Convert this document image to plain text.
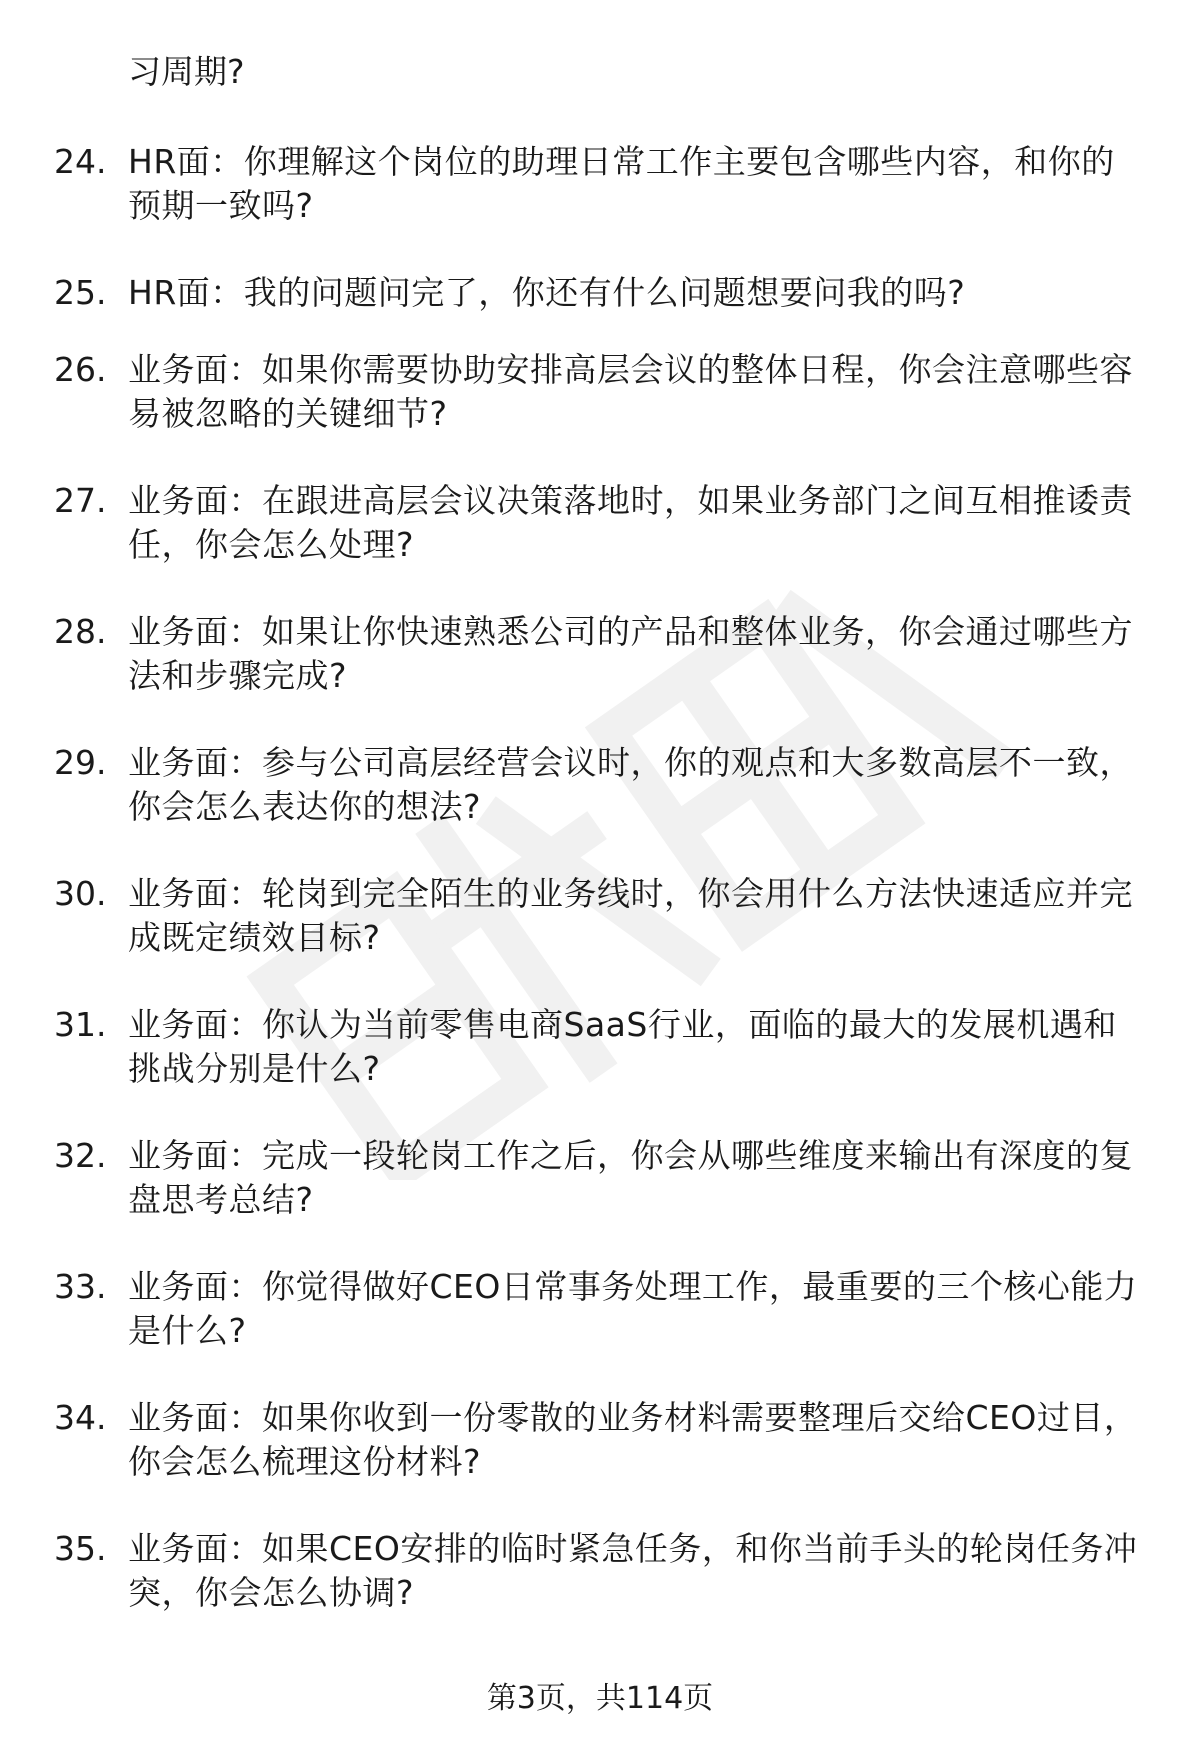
习周期?
24. HR面：你理解这个岗位的助理日常工作主要包含哪些内容，和你的预期一致吗?
25. HR面：我的问题问完了，你还有什么问题想要问我的吗?
26. 业务面：如果你需要协助安排高层会议的整体日程，你会注意哪些容易被忽略的关键细节?
27. 业务面：在跟进高层会议决策落地时，如果业务部门之间互相推诿责任，你会怎么处理?
28. 业务面：如果让你快速熟悉公司的产品和整体业务，你会通过哪些方法和步骤完成?
29. 业务面：参与公司高层经营会议时，你的观点和大多数高层不一致，你会怎么表达你的想法?
30. 业务面：轮岗到完全陌生的业务线时，你会用什么方法快速适应并完成既定绩效目标?
31. 业务面：你认为当前零售电商SaaS行业，面临的最大的发展机遇和挑战分别是什么?
32. 业务面：完成一段轮岗工作之后，你会从哪些维度来输出有深度的复盘思考总结?
33. 业务面：你觉得做好CEO日常事务处理工作，最重要的三个核心能力是什么?
34. 业务面：如果你收到一份零散的业务材料需要整理后交给CEO过目，你会怎么梳理这份材料?
35. 业务面：如果CEO安排的临时紧急任务，和你当前手头的轮岗任务冲突，你会怎么协调?
第3页，共114页
